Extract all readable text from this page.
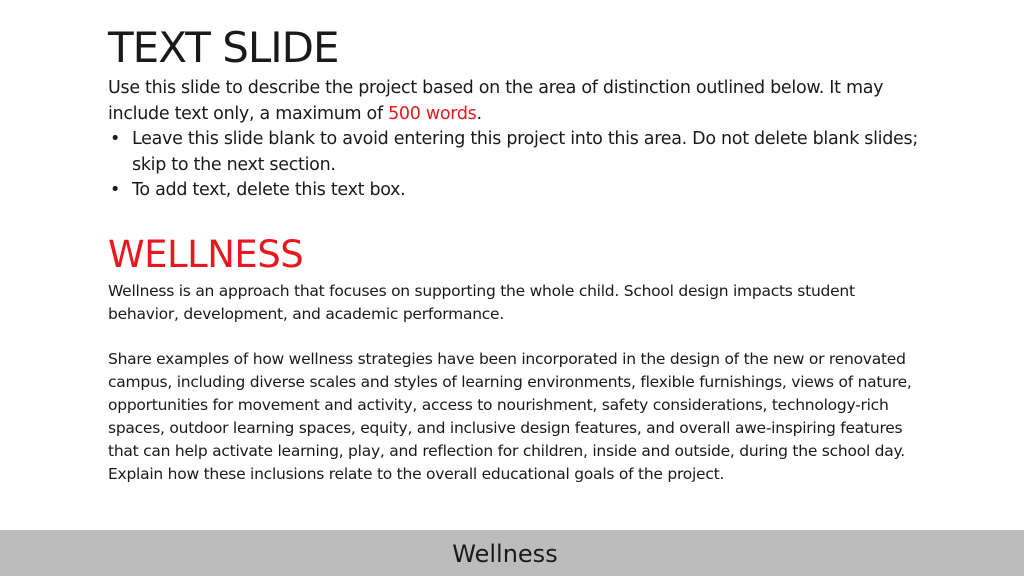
TEXT SLIDE

Use this slide to describe the project based on the area of distinction outlined below. It may include text only, a maximum of 500 words.

• Leave this slide blank to avoid entering this project into this area. Do not delete blank slides; skip to the next section.
• To add text, delete this text box.
WELLNESS

Wellness is an approach that focuses on supporting the whole child. School design impacts student behavior, development, and academic performance.

Share examples of how wellness strategies have been incorporated in the design of the new or renovated campus, including diverse scales and styles of learning environments, flexible furnishings, views of nature, opportunities for movement and activity, access to nourishment, safety considerations, technology-rich spaces, outdoor learning spaces, equity, and inclusive design features, and overall awe-inspiring features that can help activate learning, play, and reflection for children, inside and outside, during the school day. Explain how these inclusions relate to the overall educational goals of the project.

Wellness
